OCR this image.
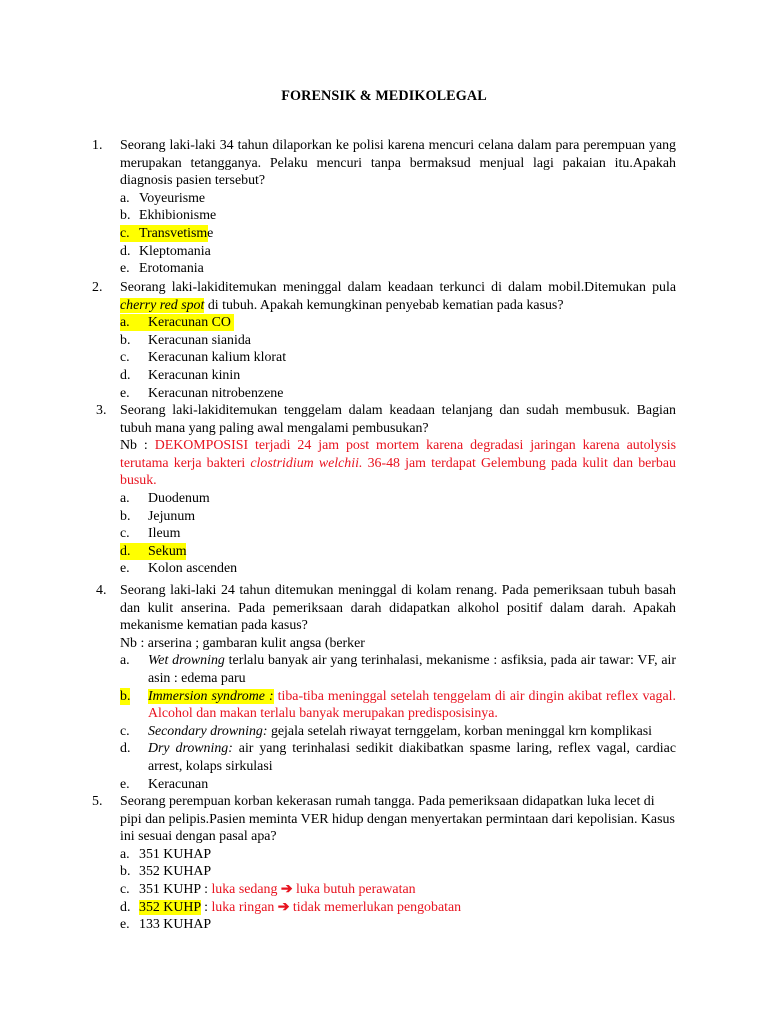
FORENSIK & MEDIKOLEGAL
1. Seorang laki-laki 34 tahun dilaporkan ke polisi karena mencuri celana dalam para perempuan yang merupakan tetangganya. Pelaku mencuri tanpa bermaksud menjual lagi pakaian itu.Apakah diagnosis pasien tersebut?
a. Voyeurisme
b. Ekhibionisme
c. Transvetisme
d. Kleptomania
e. Erotomania
2. Seorang laki-lakiditemukan meninggal dalam keadaan terkunci di dalam mobil.Ditemukan pula cherry red spot di tubuh. Apakah kemungkinan penyebab kematian pada kasus?
a. Keracunan CO
b. Keracunan sianida
c. Keracunan kalium klorat
d. Keracunan kinin
e. Keracunan nitrobenzene
3. Seorang laki-lakiditemukan tenggelam dalam keadaan telanjang dan sudah membusuk. Bagian tubuh mana yang paling awal mengalami pembusukan?
Nb : DEKOMPOSISI terjadi 24 jam post mortem karena degradasi jaringan karena autolysis terutama kerja bakteri clostridium welchii. 36-48 jam terdapat Gelembung pada kulit dan berbau busuk.
a. Duodenum
b. Jejunum
c. Ileum
d. Sekum
e. Kolon ascenden
4. Seorang laki-laki 24 tahun ditemukan meninggal di kolam renang. Pada pemeriksaan tubuh basah dan kulit anserina. Pada pemeriksaan darah didapatkan alkohol positif dalam darah. Apakah mekanisme kematian pada kasus?
Nb : arserina ; gambaran kulit angsa (berker
a. Wet drowning terlalu banyak air yang terinhalasi, mekanisme : asfiksia, pada air tawar: VF, air asin : edema paru
b. Immersion syndrome : tiba-tiba meninggal setelah tenggelam di air dingin akibat reflex vagal. Alcohol dan makan terlalu banyak merupakan predisposisinya.
c. Secondary drowning: gejala setelah riwayat ternggelam, korban meninggal krn komplikasi
d. Dry drowning: air yang terinhalasi sedikit diakibatkan spasme laring, reflex vagal, cardiac arrest, kolaps sirkulasi
e. Keracunan
5. Seorang perempuan korban kekerasan rumah tangga. Pada pemeriksaan didapatkan luka lecet di pipi dan pelipis.Pasien meminta VER hidup dengan menyertakan permintaan dari kepolisian. Kasus ini sesuai dengan pasal apa?
a. 351 KUHAP
b. 352 KUHAP
c. 351 KUHP : luka sedang ➔ luka butuh perawatan
d. 352 KUHP : luka ringan ➔ tidak memerlukan pengobatan
e. 133 KUHAP
